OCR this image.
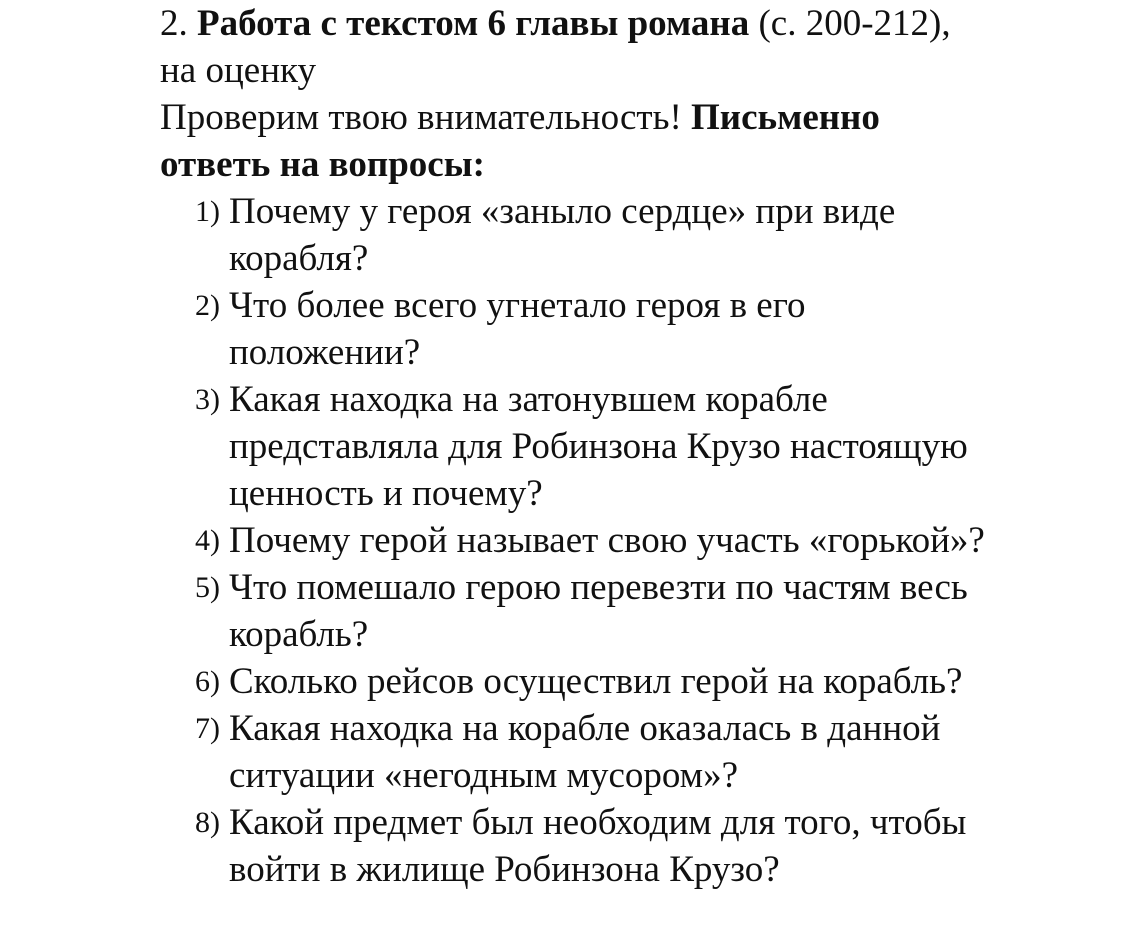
2. Работа с текстом 6 главы романа (с. 200-212),
на оценку
Проверим твою внимательность! Письменно
ответь на вопросы:
1) Почему у героя «заныло сердце» при виде
корабля?
2) Что более всего угнетало героя в его
положении?
3) Какая находка на затонувшем корабле
представляла для Робинзона Крузо настоящую
ценность и почему?
4) Почему герой называет свою участь «горькой»?
5) Что помешало герою перевезти по частям весь
корабль?
6) Сколько рейсов осуществил герой на корабль?
7) Какая находка на корабле оказалась в данной
ситуации «негодным мусором»?
8) Какой предмет был необходим для того, чтобы
войти в жилище Робинзона Крузо?
